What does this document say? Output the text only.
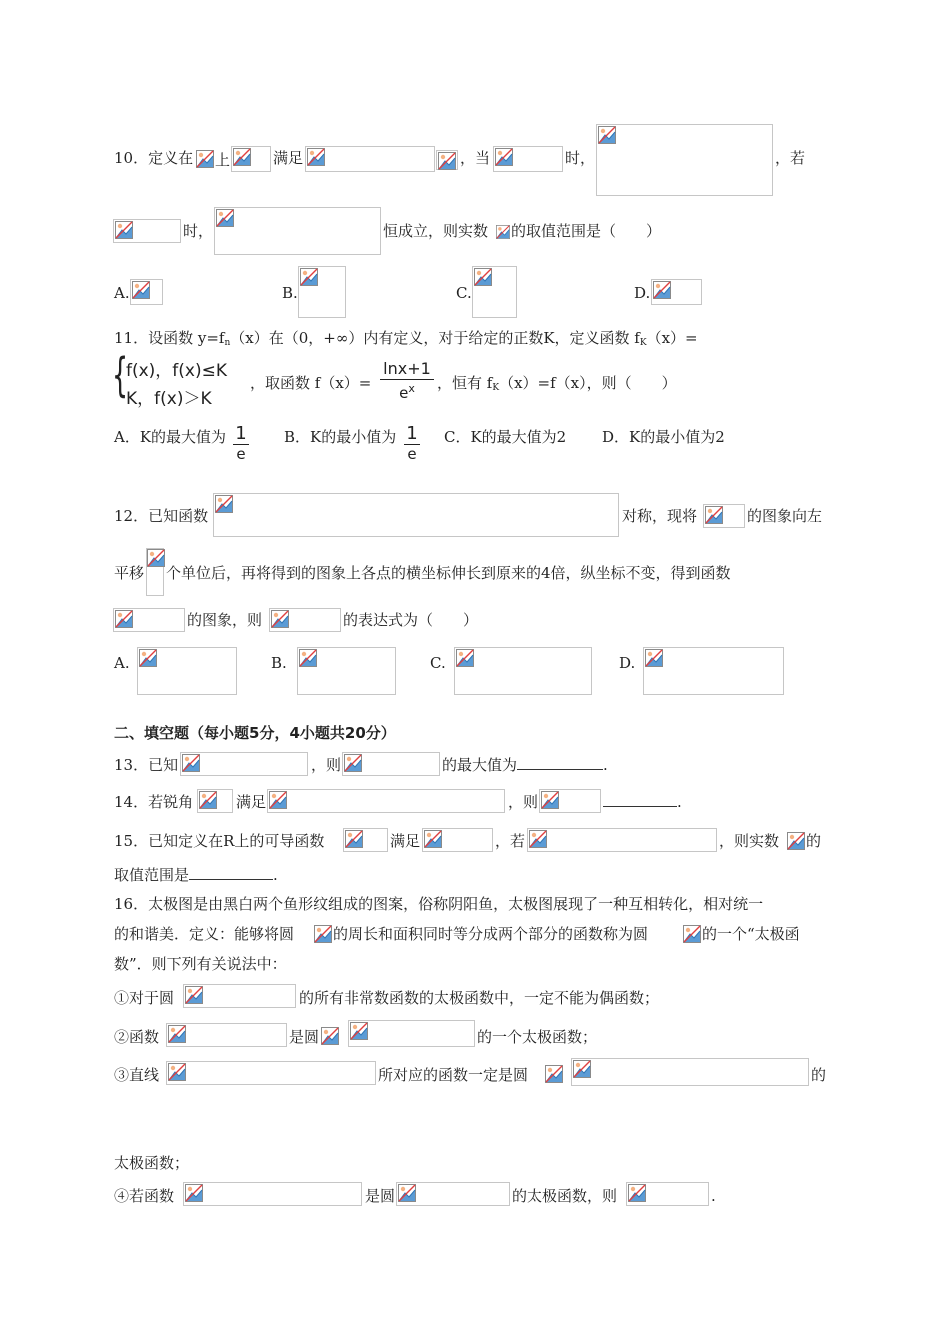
10．定义在 上	满足	，当	时，	，若
时，	恒成立，则实数 的取值范围是（　　）
A.	B.	C.	D.
11．设函数 $y=f_n(x)$在（0，+∞）内有定义，对于给定的正数K，定义函数 $f_K(x)=$
{
f(x)，f(x)≤K
K，f(x)＞K
，取函数 $f(x)= \frac{\ln x+1}{e^x}$ ，恒有 $f_K(x)=f(x)$，则（　　）
A．K的最大值为 1
e
B．K的最小值为 1
e
C．K的最大值为2 D．K的最小值为2
12．已知函数	对称，现将	的图象向左
平移 个单位后，再将得到的图象上各点的横坐标伸长到原来的4倍，纵坐标不变，得到函数
的图象，则	的表达式为（　　）
A.	B.	C.	D.
二、填空题（每小题5分，4小题共20分）
13．已知	，则	的最大值为	.
14．若锐角	满足	，则	.
15．已知定义在R上的可导函数	满足	，若	，则实数 的
取值范围是	.
16．太极图是由黑白两个鱼形纹组成的图案，俗称阴阳鱼，太极图展现了一种互相转化，相对统一
的和谐美．定义：能够将圆	的周长和面积同时等分成两个部分的函数称为圆	的一个“太极函
数”．则下列有关说法中：
①对于圆	的所有非常数函数的太极函数中，一定不能为偶函数；
②函数	是圆	的一个太极函数；
③直线	所对应的函数一定是圆	的
太极函数；
④若函数	是圆	的太极函数，则	.
